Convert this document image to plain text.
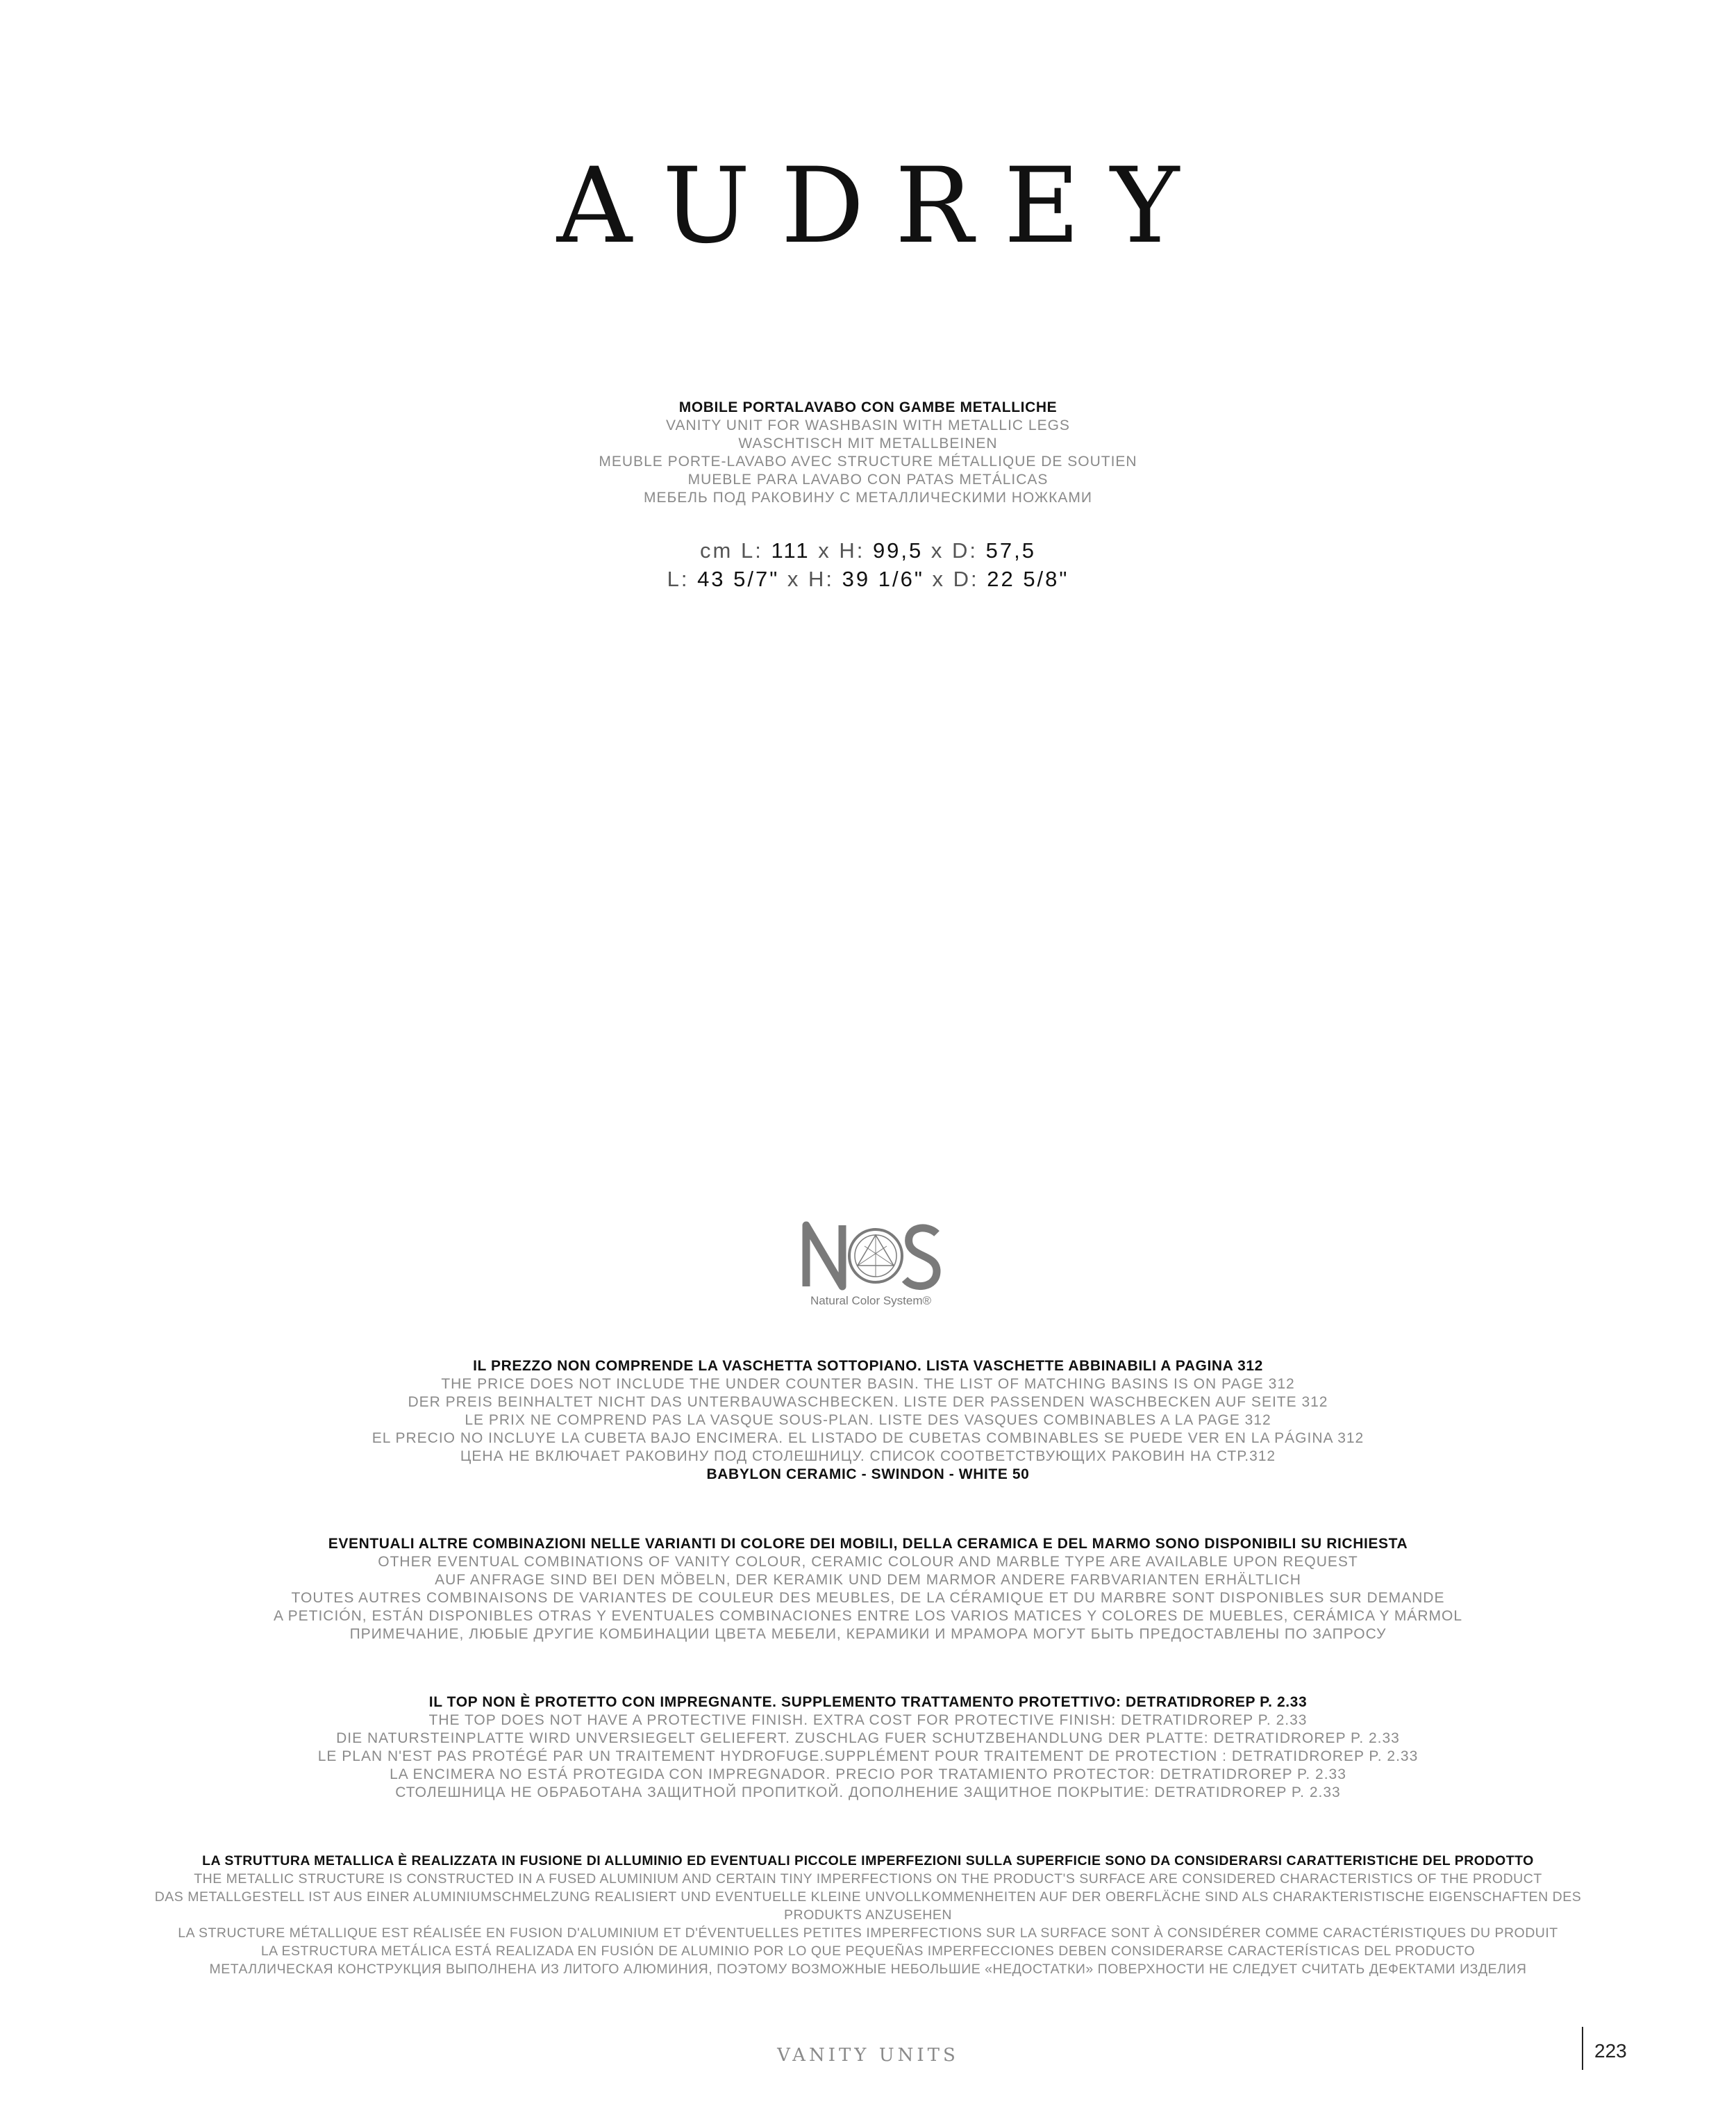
AUDREY
MOBILE PORTALAVABO CON GAMBE METALLICHE
VANITY UNIT FOR WASHBASIN WITH METALLIC LEGS
WASCHTISCH MIT METALLBEINEN
MEUBLE PORTE-LAVABO AVEC STRUCTURE MÉTALLIQUE DE SOUTIEN
MUEBLE PARA LAVABO CON PATAS METÁLICAS
МЕБЕЛЬ ПОД РАКОВИНУ С МЕТАЛЛИЧЕСКИМИ НОЖКАМИ
cm L: 111 x H: 99,5 x D: 57,5
L: 43 5/7" x H: 39 1/6" x D: 22 5/8"
Natural Color System®
IL PREZZO NON COMPRENDE LA VASCHETTA SOTTOPIANO. LISTA VASCHETTE ABBINABILI A PAGINA 312
THE PRICE DOES NOT INCLUDE THE UNDER COUNTER BASIN. THE LIST OF MATCHING BASINS IS ON PAGE 312
DER PREIS BEINHALTET NICHT DAS UNTERBAUWASCHBECKEN. LISTE DER PASSENDEN WASCHBECKEN AUF SEITE 312
LE PRIX NE COMPREND PAS LA VASQUE SOUS-PLAN. LISTE DES VASQUES COMBINABLES A LA PAGE 312
EL PRECIO NO INCLUYE LA CUBETA BAJO ENCIMERA. EL LISTADO DE CUBETAS COMBINABLES SE PUEDE VER EN LA PÁGINA 312
ЦЕНА НЕ ВКЛЮЧАЕТ РАКОВИНУ ПОД СТОЛЕШНИЦУ. СПИСОК СООТВЕТСТВУЮЩИХ РАКОВИН НА СТР.312
BABYLON CERAMIC - SWINDON - WHITE 50
EVENTUALI ALTRE COMBINAZIONI NELLE VARIANTI DI COLORE DEI MOBILI, DELLA CERAMICA E DEL MARMO SONO DISPONIBILI SU RICHIESTA
OTHER EVENTUAL COMBINATIONS OF VANITY COLOUR, CERAMIC COLOUR AND MARBLE TYPE ARE AVAILABLE UPON REQUEST
AUF ANFRAGE SIND BEI DEN MÖBELN, DER KERAMIK UND DEM MARMOR ANDERE FARBVARIANTEN ERHÄLTLICH
TOUTES AUTRES COMBINAISONS DE VARIANTES DE COULEUR DES MEUBLES, DE LA CÉRAMIQUE ET DU MARBRE SONT DISPONIBLES SUR DEMANDE
A PETICIÓN, ESTÁN DISPONIBLES OTRAS Y EVENTUALES COMBINACIONES ENTRE LOS VARIOS MATICES Y COLORES DE MUEBLES, CERÁMICA Y MÁRMOL
ПРИМЕЧАНИЕ, ЛЮБЫЕ ДРУГИЕ КОМБИНАЦИИ ЦВЕТА МЕБЕЛИ, КЕРАМИКИ И МРАМОРА МОГУТ БЫТЬ ПРЕДОСТАВЛЕНЫ ПО ЗАПРОСУ
IL TOP NON È PROTETTO CON IMPREGNANTE. SUPPLEMENTO TRATTAMENTO PROTETTIVO: DETRATIDROREP P. 2.33
THE TOP DOES NOT HAVE A PROTECTIVE FINISH. EXTRA COST FOR PROTECTIVE FINISH: DETRATIDROREP P. 2.33
DIE NATURSTEINPLATTE WIRD UNVERSIEGELT GELIEFERT. ZUSCHLAG FUER SCHUTZBEHANDLUNG DER PLATTE: DETRATIDROREP P. 2.33
LE PLAN N'EST PAS PROTÉGÉ PAR UN TRAITEMENT HYDROFUGE.SUPPLÉMENT POUR TRAITEMENT DE PROTECTION : DETRATIDROREP P. 2.33
LA ENCIMERA NO ESTÁ PROTEGIDA CON IMPREGNADOR. PRECIO POR TRATAMIENTO PROTECTOR: DETRATIDROREP P. 2.33
СТОЛЕШНИЦА НЕ ОБРАБОТАНА ЗАЩИТНОЙ ПРОПИТКОЙ. ДОПОЛНЕНИЕ ЗАЩИТНОЕ ПОКРЫТИЕ: DETRATIDROREP P. 2.33
LA STRUTTURA METALLICA È REALIZZATA IN FUSIONE DI ALLUMINIO ED EVENTUALI PICCOLE IMPERFEZIONI SULLA SUPERFICIE SONO DA CONSIDERARSI CARATTERISTICHE DEL PRODOTTO
THE METALLIC STRUCTURE IS CONSTRUCTED IN A FUSED ALUMINIUM AND CERTAIN TINY IMPERFECTIONS ON THE PRODUCT'S SURFACE ARE CONSIDERED CHARACTERISTICS OF THE PRODUCT
DAS METALLGESTELL IST AUS EINER ALUMINIUMSCHMELZUNG REALISIERT UND EVENTUELLE KLEINE UNVOLLKOMMENHEITEN AUF DER OBERFLÄCHE SIND ALS CHARAKTERISTISCHE EIGENSCHAFTEN DES PRODUKTS ANZUSEHEN
LA STRUCTURE MÉTALLIQUE EST RÉALISÉE EN FUSION D'ALUMINIUM ET D'ÉVENTUELLES PETITES IMPERFECTIONS SUR LA SURFACE SONT À CONSIDÉRER COMME CARACTÉRISTIQUES DU PRODUIT
LA ESTRUCTURA METÁLICA ESTÁ REALIZADA EN FUSIÓN DE ALUMINIO POR LO QUE PEQUEÑAS IMPERFECCIONES DEBEN CONSIDERARSE CARACTERÍSTICAS DEL PRODUCTO
МЕТАЛЛИЧЕСКАЯ КОНСТРУКЦИЯ ВЫПОЛНЕНА ИЗ ЛИТОГО АЛЮМИНИЯ, ПОЭТОМУ ВОЗМОЖНЫЕ НЕБОЛЬШИЕ «НЕДОСТАТКИ» ПОВЕРХНОСТИ НЕ СЛЕДУЕТ СЧИТАТЬ ДЕФЕКТАМИ ИЗДЕЛИЯ
VANITY UNITS	223
